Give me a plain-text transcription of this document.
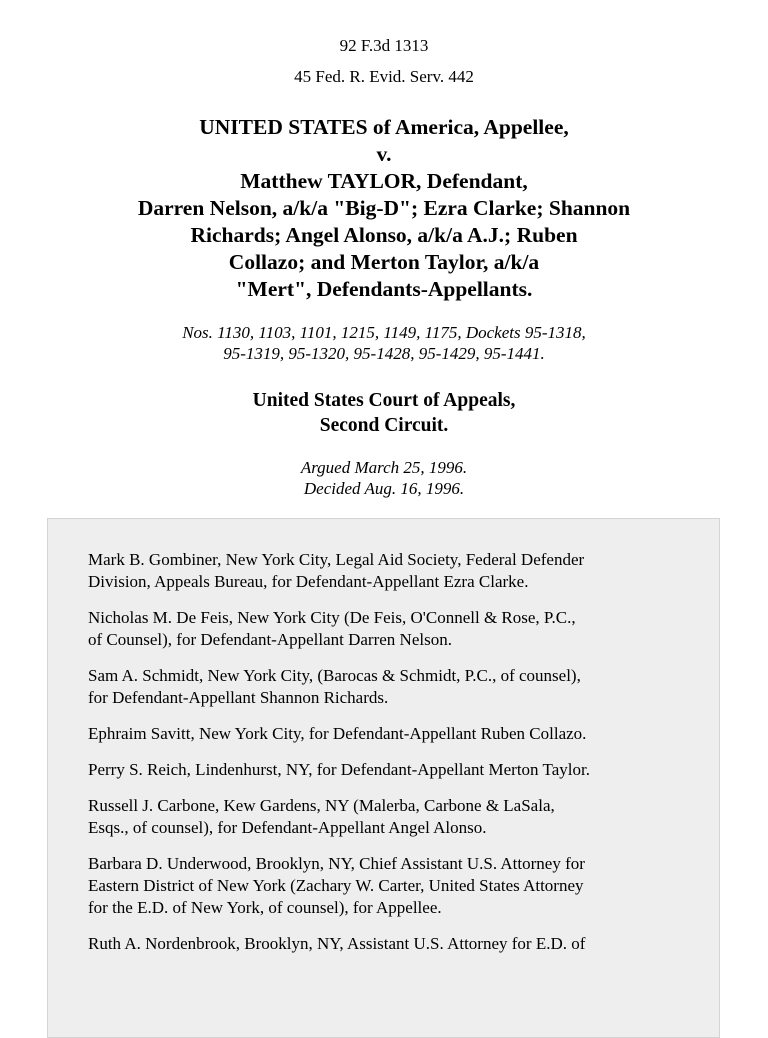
92 F.3d 1313
45 Fed. R. Evid. Serv. 442
UNITED STATES of America, Appellee,
v.
Matthew TAYLOR, Defendant,
Darren Nelson, a/k/a "Big-D"; Ezra Clarke; Shannon
Richards; Angel Alonso, a/k/a A.J.; Ruben
Collazo; and Merton Taylor, a/k/a
"Mert", Defendants-Appellants.
Nos. 1130, 1103, 1101, 1215, 1149, 1175, Dockets 95-1318,
95-1319, 95-1320, 95-1428, 95-1429, 95-1441.
United States Court of Appeals,
Second Circuit.
Argued March 25, 1996.
Decided Aug. 16, 1996.
Mark B. Gombiner, New York City, Legal Aid Society, Federal Defender
Division, Appeals Bureau, for Defendant-Appellant Ezra Clarke.
Nicholas M. De Feis, New York City (De Feis, O'Connell & Rose, P.C.,
of Counsel), for Defendant-Appellant Darren Nelson.
Sam A. Schmidt, New York City, (Barocas & Schmidt, P.C., of counsel),
for Defendant-Appellant Shannon Richards.
Ephraim Savitt, New York City, for Defendant-Appellant Ruben Collazo.
Perry S. Reich, Lindenhurst, NY, for Defendant-Appellant Merton Taylor.
Russell J. Carbone, Kew Gardens, NY (Malerba, Carbone & LaSala,
Esqs., of counsel), for Defendant-Appellant Angel Alonso.
Barbara D. Underwood, Brooklyn, NY, Chief Assistant U.S. Attorney for
Eastern District of New York (Zachary W. Carter, United States Attorney
for the E.D. of New York, of counsel), for Appellee.
Ruth A. Nordenbrook, Brooklyn, NY, Assistant U.S. Attorney for E.D. of
